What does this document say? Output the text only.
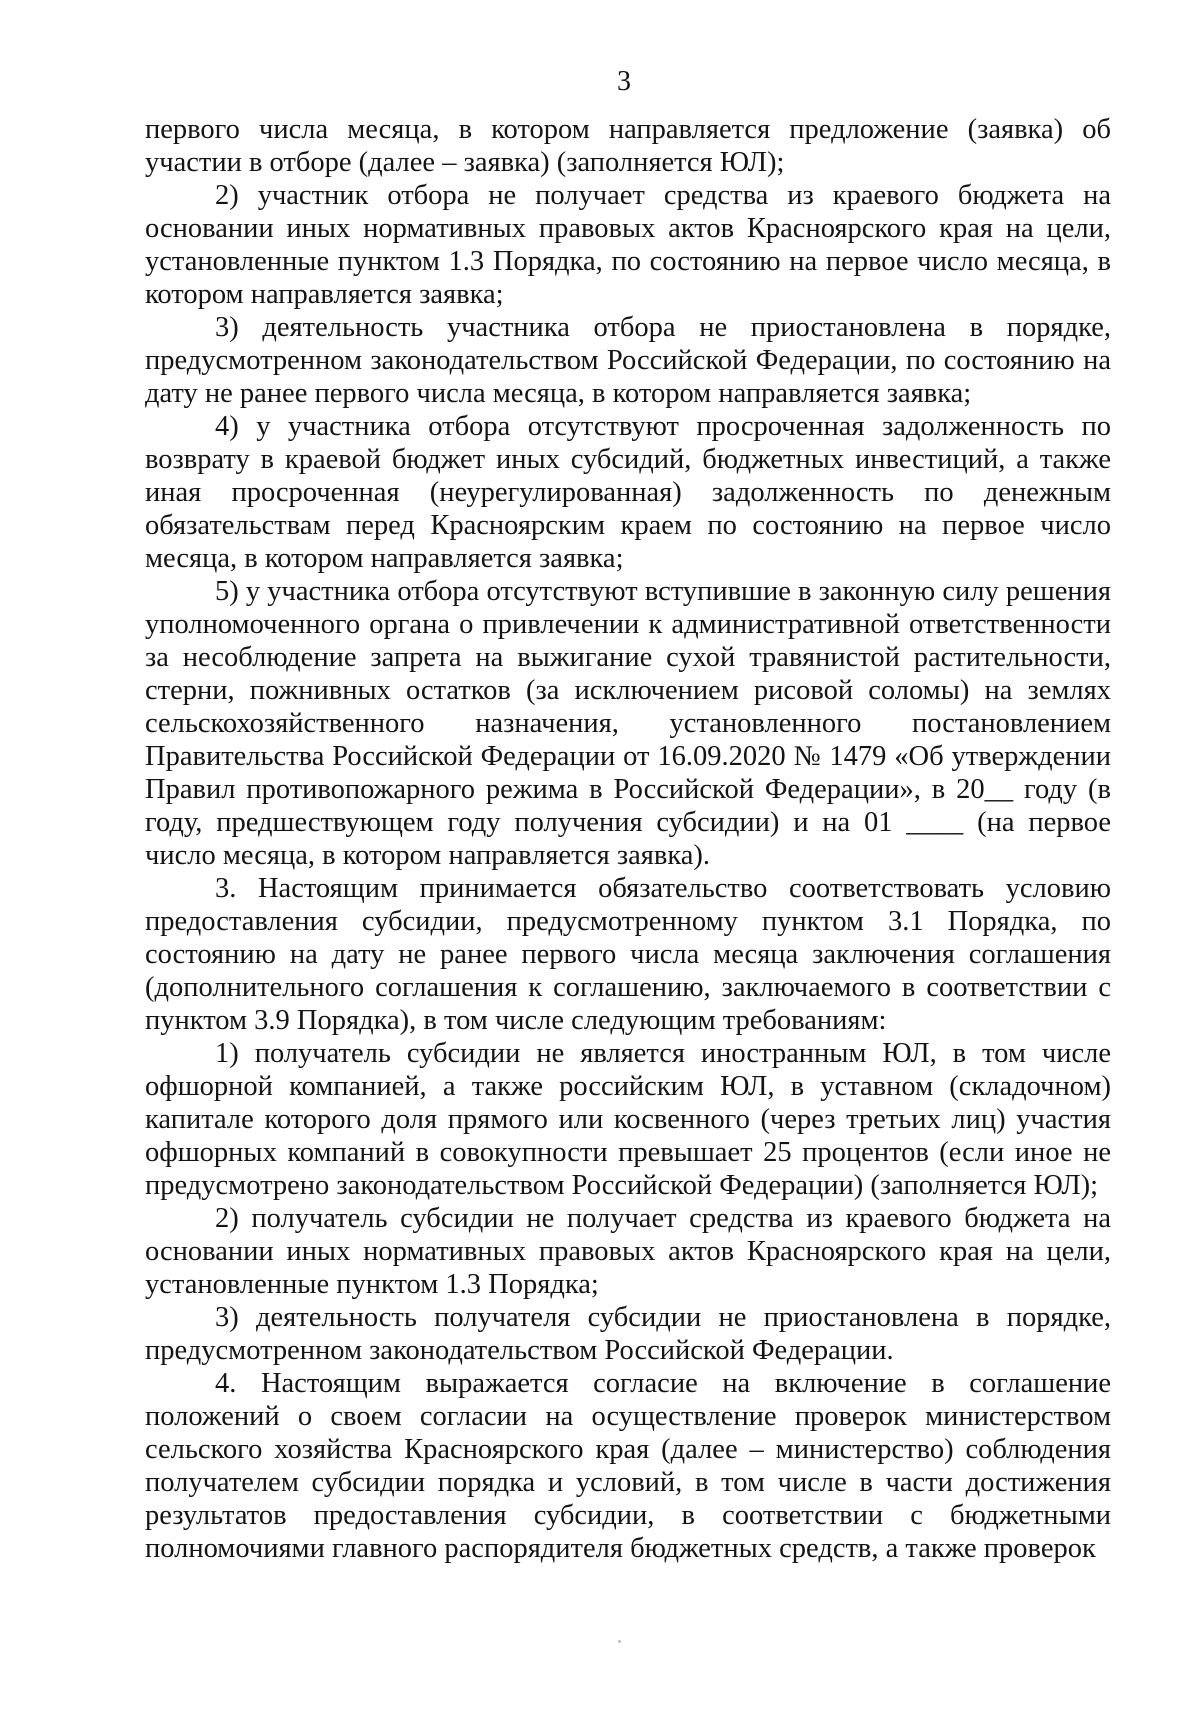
3

первого числа месяца, в котором направляется предложение (заявка) об участии в отборе (далее – заявка) (заполняется ЮЛ);

2) участник отбора не получает средства из краевого бюджета на основании иных нормативных правовых актов Красноярского края на цели, установленные пунктом 1.3 Порядка, по состоянию на первое число месяца, в котором направляется заявка;

3) деятельность участника отбора не приостановлена в порядке, предусмотренном законодательством Российской Федерации, по состоянию на дату не ранее первого числа месяца, в котором направляется заявка;

4) у участника отбора отсутствуют просроченная задолженность по возврату в краевой бюджет иных субсидий, бюджетных инвестиций, а также иная просроченная (неурегулированная) задолженность по денежным обязательствам перед Красноярским краем по состоянию на первое число месяца, в котором направляется заявка;

5) у участника отбора отсутствуют вступившие в законную силу решения уполномоченного органа о привлечении к административной ответственности за несоблюдение запрета на выжигание сухой травянистой растительности, стерни, пожнивных остатков (за исключением рисовой соломы) на землях сельскохозяйственного назначения, установленного постановлением Правительства Российской Федерации от 16.09.2020 № 1479 «Об утверждении Правил противопожарного режима в Российской Федерации», в 20__ году (в году, предшествующем году получения субсидии) и на 01 ____ (на первое число месяца, в котором направляется заявка).

3. Настоящим принимается обязательство соответствовать условию предоставления субсидии, предусмотренному пунктом 3.1 Порядка, по состоянию на дату не ранее первого числа месяца заключения соглашения (дополнительного соглашения к соглашению, заключаемого в соответствии с пунктом 3.9 Порядка), в том числе следующим требованиям:

1) получатель субсидии не является иностранным ЮЛ, в том числе офшорной компанией, а также российским ЮЛ, в уставном (складочном) капитале которого доля прямого или косвенного (через третьих лиц) участия офшорных компаний в совокупности превышает 25 процентов (если иное не предусмотрено законодательством Российской Федерации) (заполняется ЮЛ);

2) получатель субсидии не получает средства из краевого бюджета на основании иных нормативных правовых актов Красноярского края на цели, установленные пунктом 1.3 Порядка;

3) деятельность получателя субсидии не приостановлена в порядке, предусмотренном законодательством Российской Федерации.

4. Настоящим выражается согласие на включение в соглашение положений о своем согласии на осуществление проверок министерством сельского хозяйства Красноярского края (далее – министерство) соблюдения получателем субсидии порядка и условий, в том числе в части достижения результатов предоставления субсидии, в соответствии с бюджетными полномочиями главного распорядителя бюджетных средств, а также проверок
